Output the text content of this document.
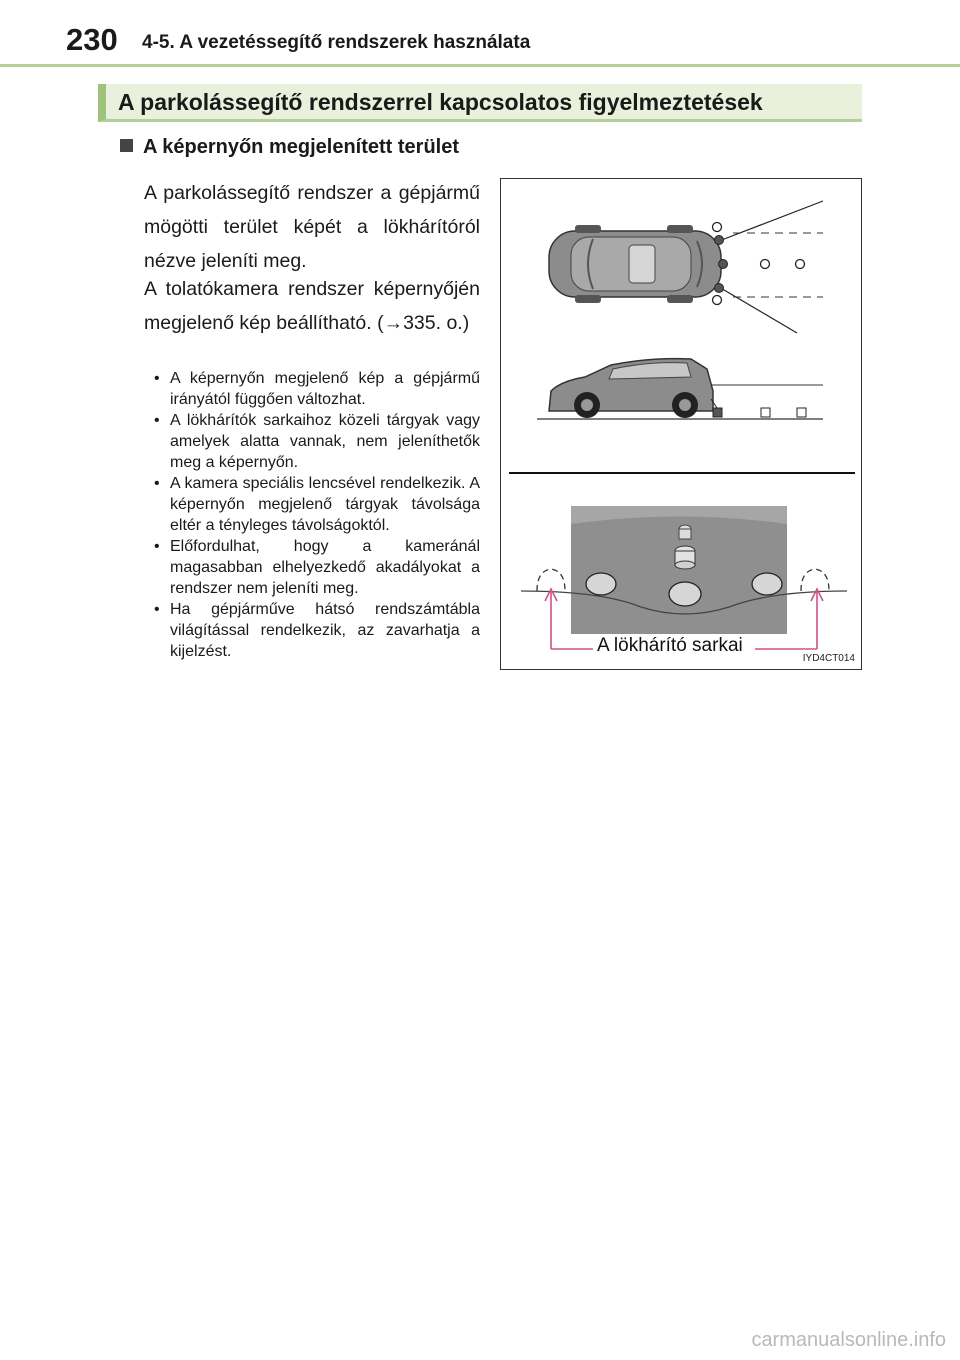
230 4-5. A vezetéssegítő rendszerek használata
A parkolássegítő rendszerrel kapcsolatos figyelmeztetések
A képernyőn megjelenített terület
A parkolássegítő rendszer a gépjármű mögötti terület képét a lökhárítóról nézve jeleníti meg.
A tolatókamera rendszer képernyőjén megjelenő kép beállítható. (→335. o.)
• A képernyőn megjelenő kép a gépjármű irányától függően változhat.
• A lökhárítók sarkaihoz közeli tárgyak vagy amelyek alatta vannak, nem jeleníthetők meg a képernyőn.
• A kamera speciális lencsével rendelkezik. A képernyőn megjelenő tárgyak távolsága eltér a tényleges távolságoktól.
• Előfordulhat, hogy a kameránál magasabban elhelyezkedő akadályokat a rendszer nem jeleníti meg.
• Ha gépjárművе hátsó rendszámtábla világítással rendelkezik, az zavarhatja a kijelzést.	A lökhárító sarkai
IYD4CT014
carmanualsonline.info
